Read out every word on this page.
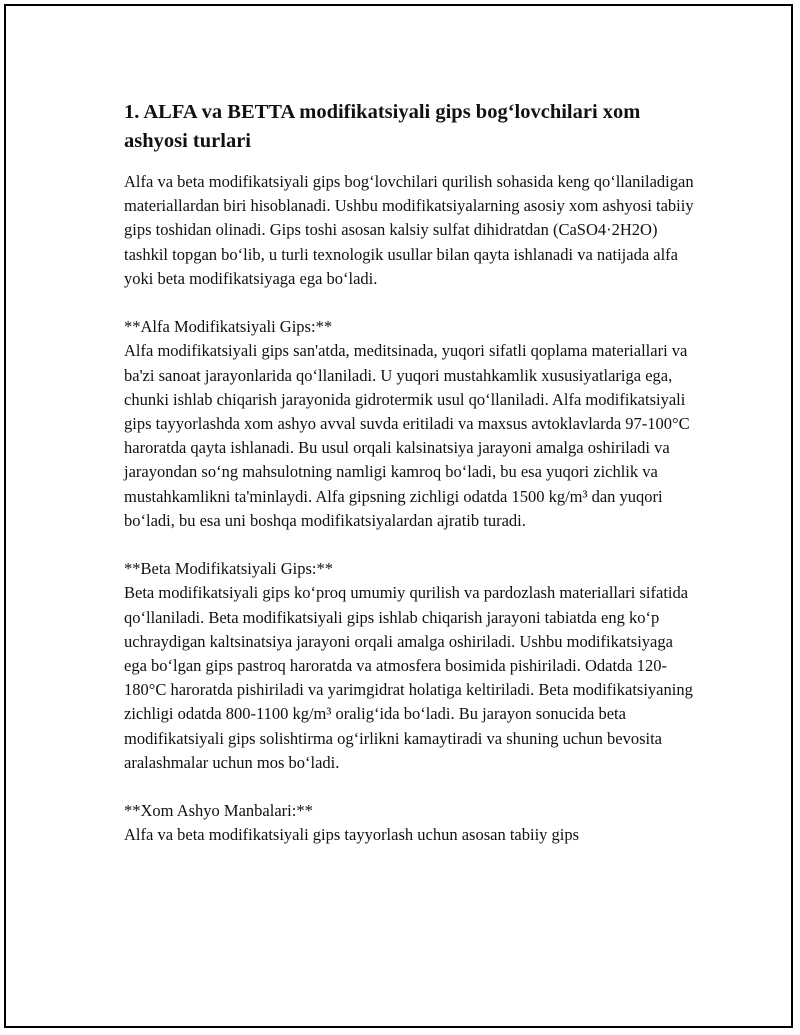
1. ALFA va BETTA modifikatsiyali gips bog‘lovchilari xom ashyosi turlari

Alfa va beta modifikatsiyali gips bog‘lovchilari qurilish sohasida keng qo‘llaniladigan materiallardan biri hisoblanadi. Ushbu modifikatsiyalarning asosiy xom ashyosi tabiiy gips toshidan olinadi. Gips toshi asosan kalsiy sulfat dihidratdan (CaSO4·2H2O) tashkil topgan bo‘lib, u turli texnologik usullar bilan qayta ishlanadi va natijada alfa yoki beta modifikatsiyaga ega bo‘ladi.

**Alfa Modifikatsiyali Gips:**

Alfa modifikatsiyali gips san'atda, meditsinada, yuqori sifatli qoplama materiallari va ba'zi sanoat jarayonlarida qo‘llaniladi. U yuqori mustahkamlik xususiyatlariga ega, chunki ishlab chiqarish jarayonida gidrotermik usul qo‘llaniladi. Alfa modifikatsiyali gips tayyorlashda xom ashyo avval suvda eritiladi va maxsus avtoklavlarda 97-100°C haroratda qayta ishlanadi. Bu usul orqali kalsinatsiya jarayoni amalga oshiriladi va jarayondan so‘ng mahsulotning namligi kamroq bo‘ladi, bu esa yuqori zichlik va mustahkamlikni ta'minlaydi. Alfa gipsning zichligi odatda 1500 kg/m³ dan yuqori bo‘ladi, bu esa uni boshqa modifikatsiyalardan ajratib turadi.

**Beta Modifikatsiyali Gips:**

Beta modifikatsiyali gips ko‘proq umumiy qurilish va pardozlash materiallari sifatida qo‘llaniladi. Beta modifikatsiyali gips ishlab chiqarish jarayoni tabiatda eng ko‘p uchraydigan kaltsinatsiya jarayoni orqali amalga oshiriladi. Ushbu modifikatsiyaga ega bo‘lgan gips pastroq haroratda va atmosfera bosimida pishiriladi. Odatda 120-180°C haroratda pishiriladi va yarimgidrat holatiga keltiriladi. Beta modifikatsiyaning zichligi odatda 800-1100 kg/m³ oralig‘ida bo‘ladi. Bu jarayon sonucida beta modifikatsiyali gips solishtirma og‘irlikni kamaytiradi va shuning uchun bevosita aralashmalar uchun mos bo‘ladi.

**Xom Ashyo Manbalari:**

Alfa va beta modifikatsiyali gips tayyorlash uchun asosan tabiiy gips
